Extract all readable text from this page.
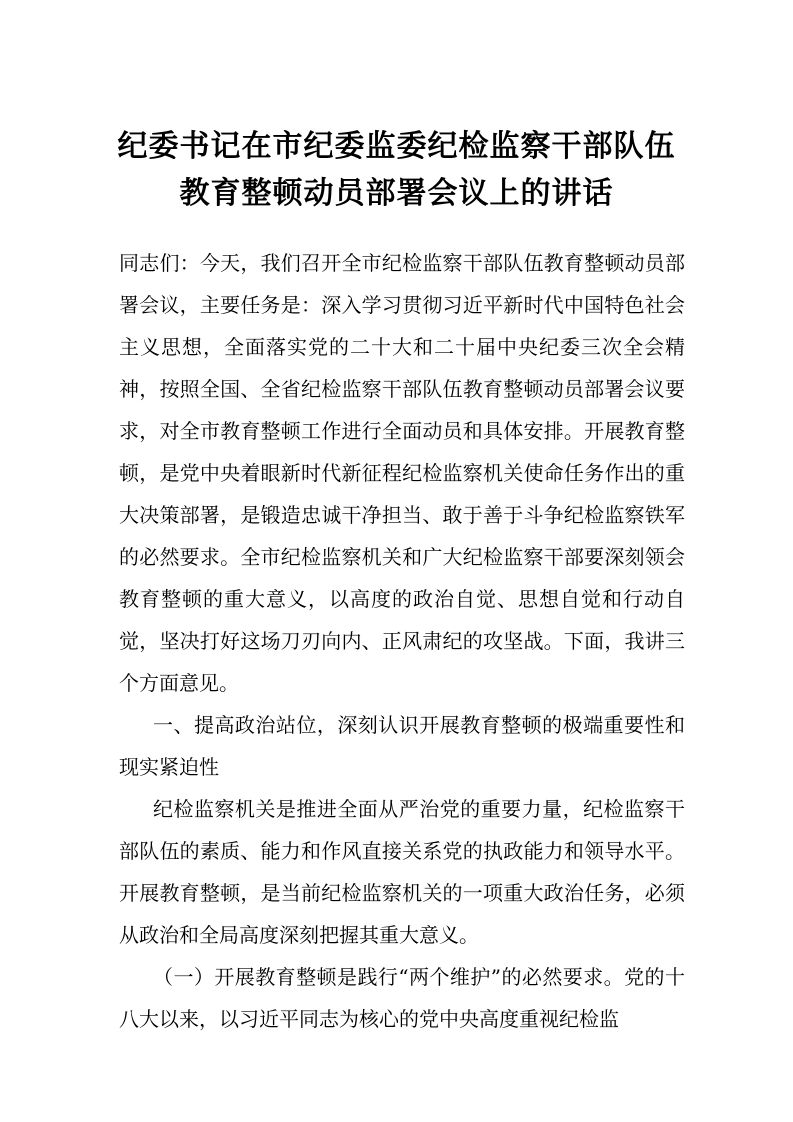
纪委书记在市纪委监委纪检监察干部队伍
教育整顿动员部署会议上的讲话

同志们：今天，我们召开全市纪检监察干部队伍教育整顿动员部署会议，主要任务是：深入学习贯彻习近平新时代中国特色社会主义思想，全面落实党的二十大和二十届中央纪委三次全会精神，按照全国、全省纪检监察干部队伍教育整顿动员部署会议要求，对全市教育整顿工作进行全面动员和具体安排。开展教育整顿，是党中央着眼新时代新征程纪检监察机关使命任务作出的重大决策部署，是锻造忠诚干净担当、敢于善于斗争纪检监察铁军的必然要求。全市纪检监察机关和广大纪检监察干部要深刻领会教育整顿的重大意义，以高度的政治自觉、思想自觉和行动自觉，坚决打好这场刀刃向内、正风肃纪的攻坚战。下面，我讲三个方面意见。

一、提高政治站位，深刻认识开展教育整顿的极端重要性和现实紧迫性

纪检监察机关是推进全面从严治党的重要力量，纪检监察干部队伍的素质、能力和作风直接关系党的执政能力和领导水平。开展教育整顿，是当前纪检监察机关的一项重大政治任务，必须从政治和全局高度深刻把握其重大意义。

（一）开展教育整顿是践行“两个维护”的必然要求。党的十八大以来，以习近平同志为核心的党中央高度重视纪检监
